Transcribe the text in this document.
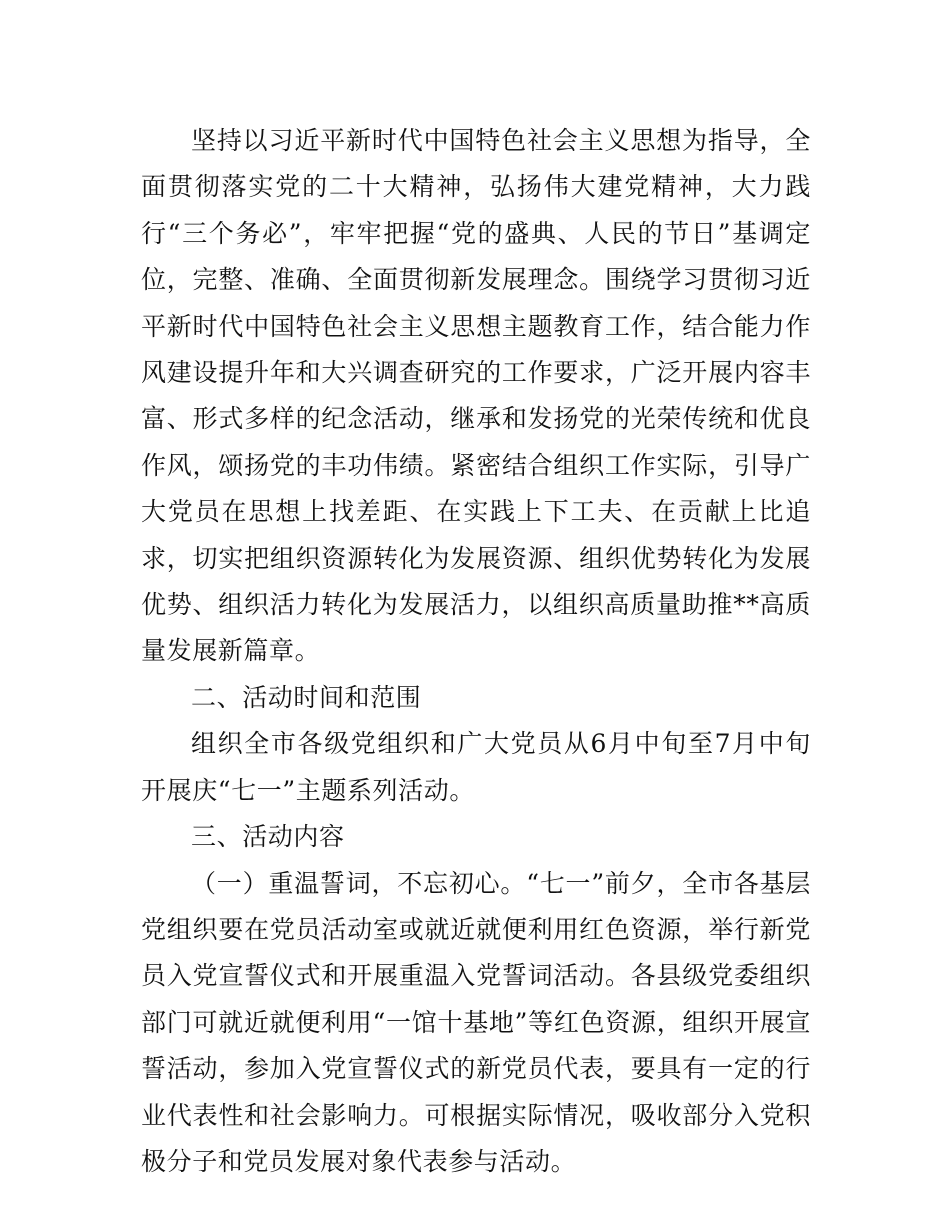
坚持以习近平新时代中国特色社会主义思想为指导，全面贯彻落实党的二十大精神，弘扬伟大建党精神，大力践行“三个务必”，牢牢把握“党的盛典、人民的节日”基调定位，完整、准确、全面贯彻新发展理念。围绕学习贯彻习近平新时代中国特色社会主义思想主题教育工作，结合能力作风建设提升年和大兴调查研究的工作要求，广泛开展内容丰富、形式多样的纪念活动，继承和发扬党的光荣传统和优良作风，颂扬党的丰功伟绩。紧密结合组织工作实际，引导广大党员在思想上找差距、在实践上下工夫、在贡献上比追求，切实把组织资源转化为发展资源、组织优势转化为发展优势、组织活力转化为发展活力，以组织高质量助推**高质量发展新篇章。

二、活动时间和范围

组织全市各级党组织和广大党员从6月中旬至7月中旬开展庆“七一”主题系列活动。

三、活动内容

（一）重温誓词，不忘初心。“七一”前夕，全市各基层党组织要在党员活动室或就近就便利用红色资源，举行新党员入党宣誓仪式和开展重温入党誓词活动。各县级党委组织部门可就近就便利用“一馆十基地”等红色资源，组织开展宣誓活动，参加入党宣誓仪式的新党员代表，要具有一定的行业代表性和社会影响力。可根据实际情况，吸收部分入党积极分子和党员发展对象代表参与活动。
